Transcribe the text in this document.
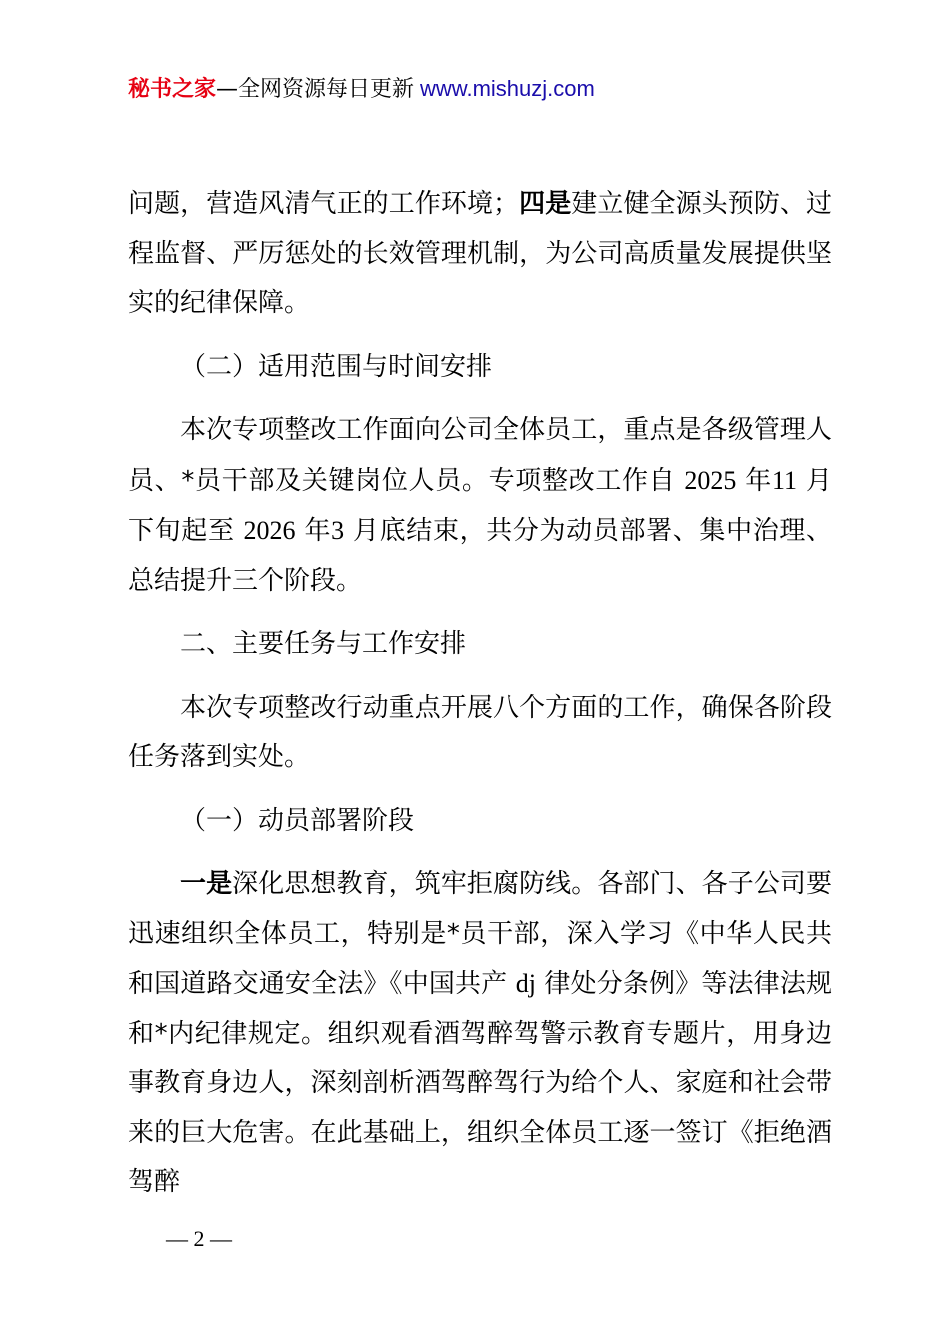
秘书之家—全网资源每日更新 www.mishuzj.com

问题，营造风清气正的工作环境；四是建立健全源头预防、过程监督、严厉惩处的长效管理机制，为公司高质量发展提供坚实的纪律保障。

（二）适用范围与时间安排

本次专项整改工作面向公司全体员工，重点是各级管理人员、*员干部及关键岗位人员。专项整改工作自 2025 年11 月下旬起至 2026 年3 月底结束，共分为动员部署、集中治理、总结提升三个阶段。

二、主要任务与工作安排

本次专项整改行动重点开展八个方面的工作，确保各阶段任务落到实处。

（一）动员部署阶段

一是深化思想教育，筑牢拒腐防线。各部门、各子公司要迅速组织全体员工，特别是*员干部，深入学习《中华人民共和国道路交通安全法》《中国共产 dj 律处分条例》等法律法规和*内纪律规定。组织观看酒驾醉驾警示教育专题片，用身边事教育身边人，深刻剖析酒驾醉驾行为给个人、家庭和社会带来的巨大危害。在此基础上，组织全体员工逐一签订《拒绝酒驾醉

— 2 —
